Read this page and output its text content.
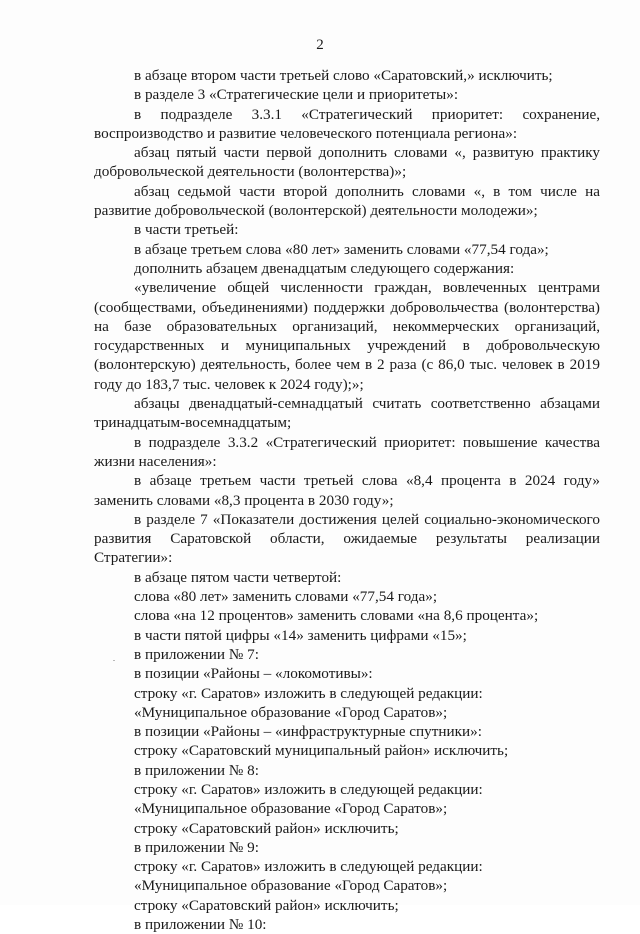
2

в абзаце втором части третьей слово «Саратовский,» исключить;

в разделе 3 «Стратегические цели и приоритеты»:

в подразделе 3.3.1 «Стратегический приоритет: сохранение, воспроизводство и развитие человеческого потенциала региона»:

абзац пятый части первой дополнить словами «, развитую практику добровольческой деятельности (волонтерства)»;

абзац седьмой части второй дополнить словами «, в том числе на развитие добровольческой (волонтерской) деятельности молодежи»;

в части третьей:

в абзаце третьем слова «80 лет» заменить словами «77,54 года»;

дополнить абзацем двенадцатым следующего содержания:

«увеличение общей численности граждан, вовлеченных центрами (сообществами, объединениями) поддержки добровольчества (волонтерства) на базе образовательных организаций, некоммерческих организаций, государственных и муниципальных учреждений в добровольческую (волонтерскую) деятельность, более чем в 2 раза (с 86,0 тыс. человек в 2019 году до 183,7 тыс. человек к 2024 году);»;

абзацы двенадцатый-семнадцатый считать соответственно абзацами тринадцатым-восемнадцатым;

в подразделе 3.3.2 «Стратегический приоритет: повышение качества жизни населения»:

в абзаце третьем части третьей слова «8,4 процента в 2024 году» заменить словами «8,3 процента в 2030 году»;

в разделе 7 «Показатели достижения целей социально-экономического развития Саратовской области, ожидаемые результаты реализации Стратегии»:

в абзаце пятом части четвертой:

слова «80 лет» заменить словами «77,54 года»;

слова «на 12 процентов» заменить словами «на 8,6 процента»;

в части пятой цифры «14» заменить цифрами «15»;

в приложении № 7:

в позиции «Районы – «локомотивы»:

строку «г. Саратов» изложить в следующей редакции:

«Муниципальное образование «Город Саратов»;

в позиции «Районы – «инфраструктурные спутники»:

строку «Саратовский муниципальный район» исключить;

в приложении № 8:

строку «г. Саратов» изложить в следующей редакции:

«Муниципальное образование «Город Саратов»;

строку «Саратовский район» исключить;

в приложении № 9:

строку «г. Саратов» изложить в следующей редакции:

«Муниципальное образование «Город Саратов»;

строку «Саратовский район» исключить;

в приложении № 10:
